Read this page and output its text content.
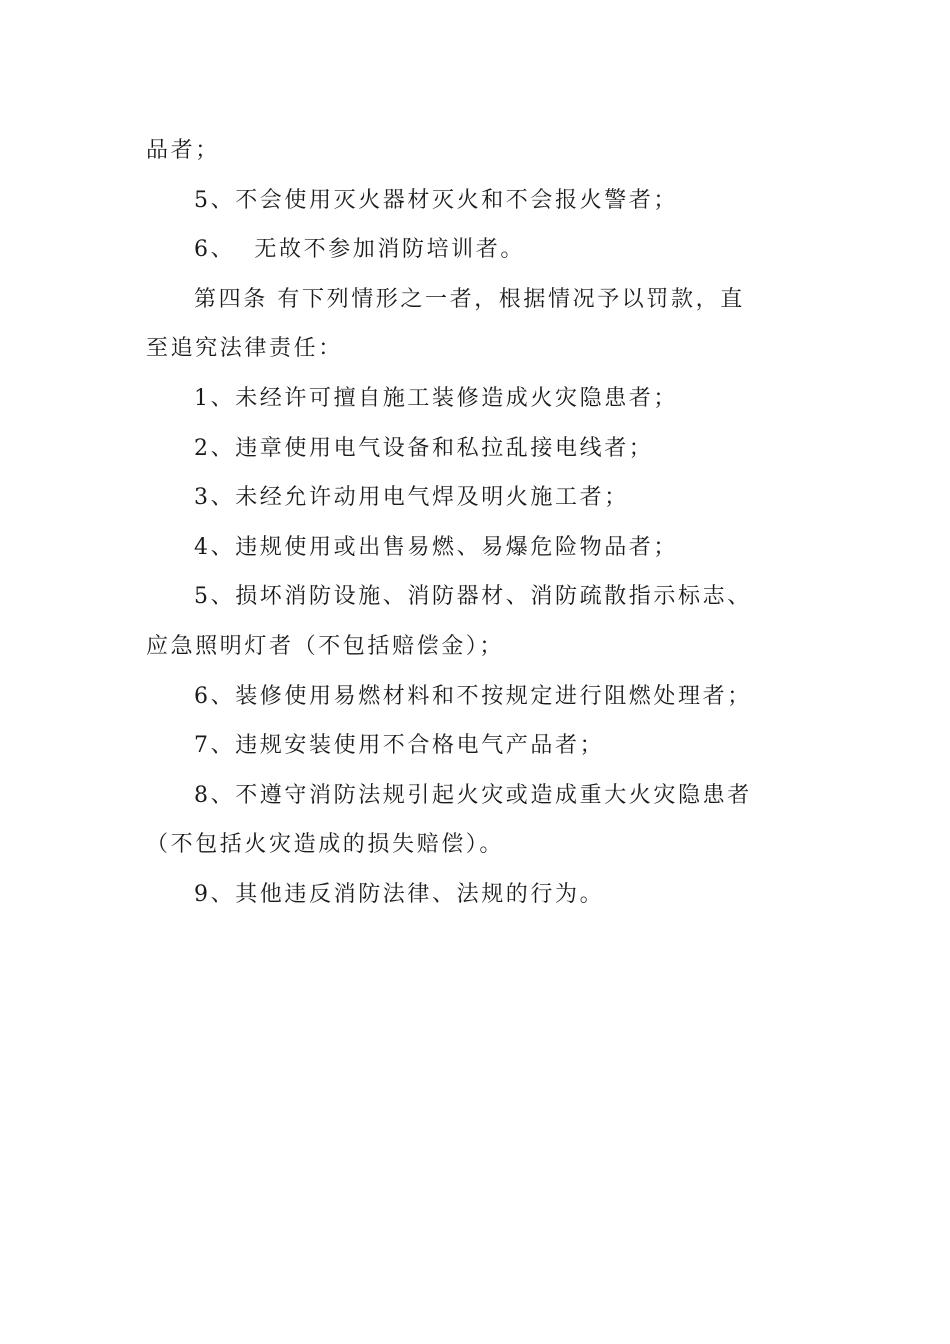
品者；
5、不会使用灭火器材灭火和不会报火警者；
6、  无故不参加消防培训者。
第四条 有下列情形之一者，根据情况予以罚款，直
至追究法律责任：
1、未经许可擅自施工装修造成火灾隐患者；
2、违章使用电气设备和私拉乱接电线者；
3、未经允许动用电气焊及明火施工者；
4、违规使用或出售易燃、易爆危险物品者；
5、损坏消防设施、消防器材、消防疏散指示标志、
应急照明灯者（不包括赔偿金）；
6、装修使用易燃材料和不按规定进行阻燃处理者；
7、违规安装使用不合格电气产品者；
8、不遵守消防法规引起火灾或造成重大火灾隐患者
（不包括火灾造成的损失赔偿）。
9、其他违反消防法律、法规的行为。
